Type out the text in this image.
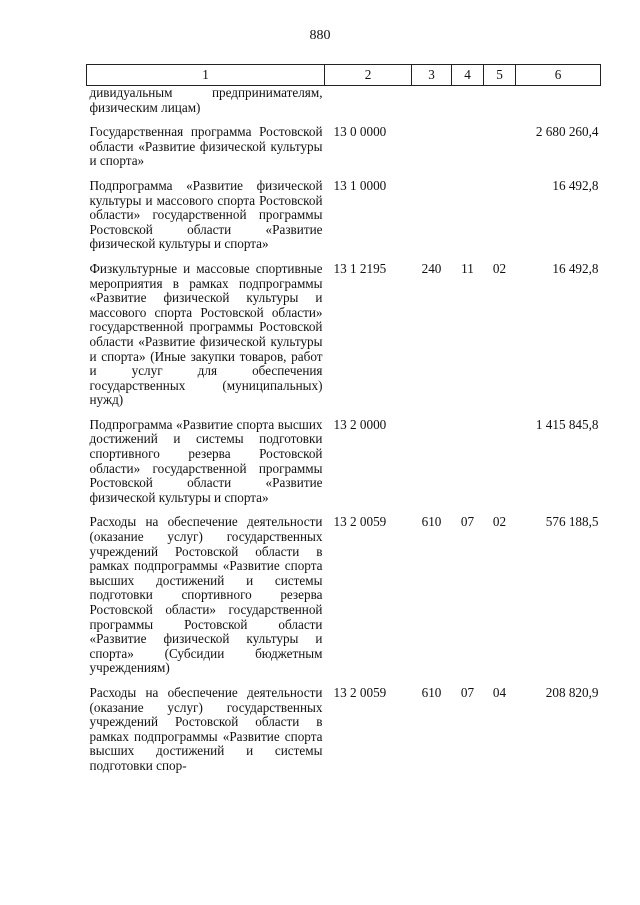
880
1	2	3	4	5	6
дивидуальным предпринимателям, физическим лицам)					
Государственная программа Ростовской области «Развитие физической культуры и спорта»	13 0 0000				2 680 260,4
Подпрограмма «Развитие физической культуры и массового спорта Ростовской области» государственной программы Ростовской области «Развитие физической культуры и спорта»	13 1 0000				16 492,8
Физкультурные и массовые спортивные мероприятия в рамках подпрограммы «Развитие физической культуры и массового спорта Ростовской области» государственной программы Ростовской области «Развитие физической культуры и спорта» (Иные закупки товаров, работ и услуг для обеспечения государственных (муниципальных) нужд)	13 1 2195	240	11	02	16 492,8
Подпрограмма «Развитие спорта высших достижений и системы подготовки спортивного резерва Ростовской области» государственной программы Ростовской области «Развитие физической культуры и спорта»	13 2 0000				1 415 845,8
Расходы на обеспечение деятельности (оказание услуг) государственных учреждений Ростовской области в рамках подпрограммы «Развитие спорта высших достижений и системы подготовки спортивного резерва Ростовской области» государственной программы Ростовской области «Развитие физической культуры и спорта» (Субсидии бюджетным учреждениям)	13 2 0059	610	07	02	576 188,5
Расходы на обеспечение деятельности (оказание услуг) государственных учреждений Ростовской области в рамках подпрограммы «Развитие спорта высших достижений и системы подготовки спор-	13 2 0059	610	07	04	208 820,9
